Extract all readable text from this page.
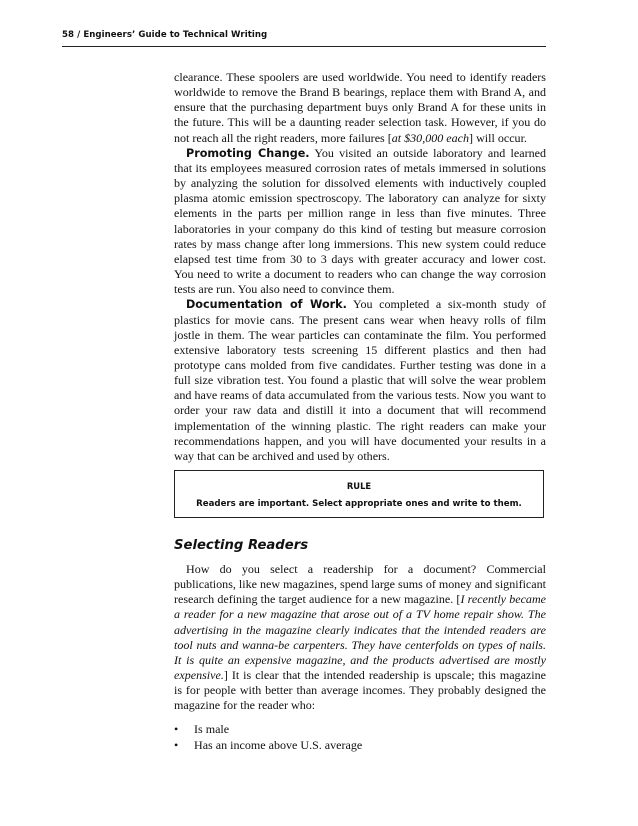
58 / Engineers’ Guide to Technical Writing

clearance. These spoolers are used worldwide. You need to identify readers worldwide to remove the Brand B bearings, replace them with Brand A, and ensure that the purchasing department buys only Brand A for these units in the future. This will be a daunting reader selection task. However, if you do not reach all the right readers, more failures [at $30,000 each] will occur.

Promoting Change. You visited an outside laboratory and learned that its employees measured corrosion rates of metals immersed in solutions by analyzing the solution for dissolved elements with inductively coupled plasma atomic emission spectroscopy. The laboratory can analyze for sixty elements in the parts per million range in less than five minutes. Three laboratories in your company do this kind of testing but measure corrosion rates by mass change after long immersions. This new system could reduce elapsed test time from 30 to 3 days with greater accuracy and lower cost. You need to write a document to readers who can change the way corrosion tests are run. You also need to convince them.

Documentation of Work. You completed a six-month study of plastics for movie cans. The present cans wear when heavy rolls of film jostle in them. The wear particles can contaminate the film. You performed extensive laboratory tests screening 15 different plastics and then had prototype cans molded from five candidates. Further testing was done in a full size vibration test. You found a plastic that will solve the wear problem and have reams of data accumulated from the various tests. Now you want to order your raw data and distill it into a document that will recommend implementation of the winning plastic. The right readers can make your recommendations happen, and you will have documented your results in a way that can be archived and used by others.

RULE
Readers are important. Select appropriate ones and write to them.
Selecting Readers

How do you select a readership for a document? Commercial publications, like new magazines, spend large sums of money and significant research defining the target audience for a new magazine. [I recently became a reader for a new magazine that arose out of a TV home repair show. The advertising in the magazine clearly indicates that the intended readers are tool nuts and wanna-be carpenters. They have centerfolds on types of nails. It is quite an expensive magazine, and the products advertised are mostly expensive.] It is clear that the intended readership is upscale; this magazine is for people with better than average incomes. They probably designed the magazine for the reader who:

• Is male
• Has an income above U.S. average
